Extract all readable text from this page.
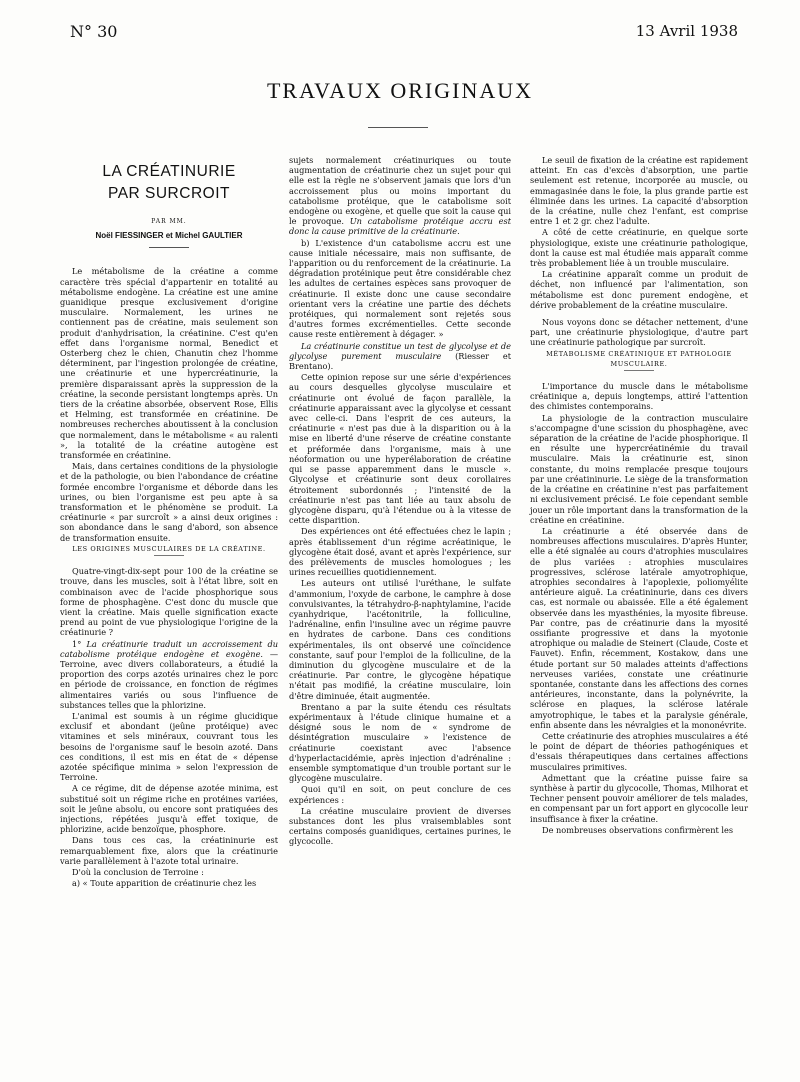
N° 30	13 Avril 1938
TRAVAUX ORIGINAUX
LA CRÉATINURIE
PAR SURCROIT
PAR MM.
Noël FIESSINGER et Michel GAULTIER

Le métabolisme de la créatine a comme caractère très spécial d'appartenir en totalité au métabolisme endogène. La créatine est une amine guanidique presque exclusivement d'origine musculaire. Normalement, les urines ne contiennent pas de créatine, mais seulement son produit d'anhydrisation, la créatinine. C'est qu'en effet dans l'organisme normal, Benedict et Osterberg chez le chien, Chanutin chez l'homme déterminent, par l'ingestion prolongée de créatine, une créatinurie et une hypercréatinurie, la première disparaissant après la suppression de la créatine, la seconde persistant longtemps après. Un tiers de la créatine absorbée, observent Rose, Ellis et Helming, est transformée en créatinine. De nombreuses recherches aboutissent à la conclusion que normalement, dans le métabolisme « au ralenti », la totalité de la créatine autogène est transformée en créatinine.

Mais, dans certaines conditions de la physiologie et de la pathologie, ou bien l'abondance de créatine formée encombre l'organisme et déborde dans les urines, ou bien l'organisme est peu apte à sa transformation et le phénomène se produit. La créatinurie « par surcroît » a ainsi deux origines : son abondance dans le sang d'abord, son absence de transformation ensuite.

LES ORIGINES MUSCULAIRES DE LA CRÉATINE.

Quatre-vingt-dix-sept pour 100 de la créatine se trouve, dans les muscles, soit à l'état libre, soit en combinaison avec de l'acide phosphorique sous forme de phosphagène. C'est donc du muscle que vient la créatine. Mais quelle signification exacte prend au point de vue physiologique l'origine de la créatinurie ?

1° La créatinurie traduit un accroissement du catabolisme protéique endogène et exogène. — Terroine, avec divers collaborateurs, a étudié la proportion des corps azotés urinaires chez le porc en période de croissance, en fonction de régimes alimentaires variés ou sous l'influence de substances telles que la phlorizine.

L'animal est soumis à un régime glucidique exclusif et abondant (jeûne protéique) avec vitamines et sels minéraux, couvrant tous les besoins de l'organisme sauf le besoin azoté. Dans ces conditions, il est mis en état de « dépense azotée spécifique minima » selon l'expression de Terroine.

A ce régime, dit de dépense azotée minima, est substitué soit un régime riche en protéines variées, soit le jeûne absolu, ou encore sont pratiquées des injections, répétées jusqu'à effet toxique, de phlorizine, acide benzoïque, phosphore.

Dans tous ces cas, la créatininurie est remarquablement fixe, alors que la créatinurie varie parallèlement à l'azote total urinaire.

D'où la conclusion de Terroine :

a) « Toute apparition de créatinurie chez les

sujets normalement créatinuriques ou toute augmentation de créatinurie chez un sujet pour qui elle est la règle ne s'observent jamais que lors d'un accroissement plus ou moins important du catabolisme protéique, que le catabolisme soit endogène ou exogène, et quelle que soit la cause qui le provoque. Un catabolisme protéique accru est donc la cause primitive de la créatinurie.

b) L'existence d'un catabolisme accru est une cause initiale nécessaire, mais non suffisante, de l'apparition ou du renforcement de la créatinurie. La dégradation protéinique peut être considérable chez les adultes de certaines espèces sans provoquer de créatinurie. Il existe donc une cause secondaire orientant vers la créatine une partie des déchets protéiques, qui normalement sont rejetés sous d'autres formes excrémentielles. Cette seconde cause reste entièrement à dégager. »

La créatinurie constitue un test de glycolyse et de glycolyse purement musculaire (Riesser et Brentano).

Cette opinion repose sur une série d'expériences au cours desquelles glycolyse musculaire et créatinurie ont évolué de façon parallèle, la créatinurie apparaissant avec la glycolyse et cessant avec celle-ci. Dans l'esprit de ces auteurs, la créatinurie « n'est pas due à la disparition ou à la mise en liberté d'une réserve de créatine constante et préformée dans l'organisme, mais à une néoformation ou une hyperélaboration de créatine qui se passe apparemment dans le muscle ». Glycolyse et créatinurie sont deux corollaires étroitement subordonnés ; l'intensité de la créatinurie n'est pas tant liée au taux absolu de glycogène disparu, qu'à l'étendue ou à la vitesse de cette disparition.

Des expériences ont été effectuées chez le lapin ; après établissement d'un régime acréatinique, le glycogène était dosé, avant et après l'expérience, sur des prélèvements de muscles homologues ; les urines recueillies quotidiennement.

Les auteurs ont utilisé l'uréthane, le sulfate d'ammonium, l'oxyde de carbone, le camphre à dose convulsivantes, la tétrahydro-β-naphtylamine, l'acide cyanhydrique, l'acétonitrile, la folliculine, l'adrénaline, enfin l'insuline avec un régime pauvre en hydrates de carbone. Dans ces conditions expérimentales, ils ont observé une coïncidence constante, sauf pour l'emploi de la folliculine, de la diminution du glycogène musculaire et de la créatinurie. Par contre, le glycogène hépatique n'était pas modifié, la créatine musculaire, loin d'être diminuée, était augmentée.

Brentano a par la suite étendu ces résultats expérimentaux à l'étude clinique humaine et a désigné sous le nom de « syndrome de désintégration musculaire » l'existence de créatinurie coexistant avec l'absence d'hyperlactacidémie, après injection d'adrénaline : ensemble symptomatique d'un trouble portant sur le glycogène musculaire.

Quoi qu'il en soit, on peut conclure de ces expériences :

La créatine musculaire provient de diverses substances dont les plus vraisemblables sont certains composés guanidiques, certaines purines, le glycocolle.

Le seuil de fixation de la créatine est rapidement atteint. En cas d'excès d'absorption, une partie seulement est retenue, incorporée au muscle, ou emmagasinée dans le foie, la plus grande partie est éliminée dans les urines. La capacité d'absorption de la créatine, nulle chez l'enfant, est comprise entre 1 et 2 gr. chez l'adulte.

A côté de cette créatinurie, en quelque sorte physiologique, existe une créatinurie pathologique, dont la cause est mal étudiée mais apparaît comme très probablement liée à un trouble musculaire.

La créatinine apparaît comme un produit de déchet, non influencé par l'alimentation, son métabolisme est donc purement endogène, et dérive probablement de la créatine musculaire.

Nous voyons donc se détacher nettement, d'une part, une créatinurie physiologique, d'autre part une créatinurie pathologique par surcroît.

MÉTABOLISME CRÉATINIQUE ET PATHOLOGIE
MUSCULAIRE.

L'importance du muscle dans le métabolisme créatinique a, depuis longtemps, attiré l'attention des chimistes contemporains.

La physiologie de la contraction musculaire s'accompagne d'une scission du phosphagène, avec séparation de la créatine de l'acide phosphorique. Il en résulte une hypercréatinémie du travail musculaire. Mais la créatinurie est, sinon constante, du moins remplacée presque toujours par une créatininurie. Le siège de la transformation de la créatine en créatinine n'est pas parfaitement ni exclusivement précisé. Le foie cependant semble jouer un rôle important dans la transformation de la créatine en créatinine.

La créatinurie a été observée dans de nombreuses affections musculaires. D'après Hunter, elle a été signalée au cours d'atrophies musculaires de plus variées : atrophies musculaires progressives, sclérose latérale amyotrophique, atrophies secondaires à l'apoplexie, poliomyélite antérieure aiguë. La créatininurie, dans ces divers cas, est normale ou abaissée. Elle a été également observée dans les myasthénies, la myosite fibreuse. Par contre, pas de créatinurie dans la myosité ossifiante progressive et dans la myotonie atrophique ou maladie de Steinert (Claude, Coste et Fauvet). Enfin, récemment, Kostakow, dans une étude portant sur 50 malades atteints d'affections nerveuses variées, constate une créatinurie spontanée, constante dans les affections des cornes antérieures, inconstante, dans la polynévrite, la sclérose en plaques, la sclérose latérale amyotrophique, le tabes et la paralysie générale, enfin absente dans les névralgies et la mononévrite.

Cette créatinurie des atrophies musculaires a été le point de départ de théories pathogéniques et d'essais thérapeutiques dans certaines affections musculaires primitives.

Admettant que la créatine puisse faire sa synthèse à partir du glycocolle, Thomas, Milhorat et Techner pensent pouvoir améliorer de tels malades, en compensant par un fort apport en glycocolle leur insuffisance à fixer la créatine.

De nombreuses observations confirmèrent les
